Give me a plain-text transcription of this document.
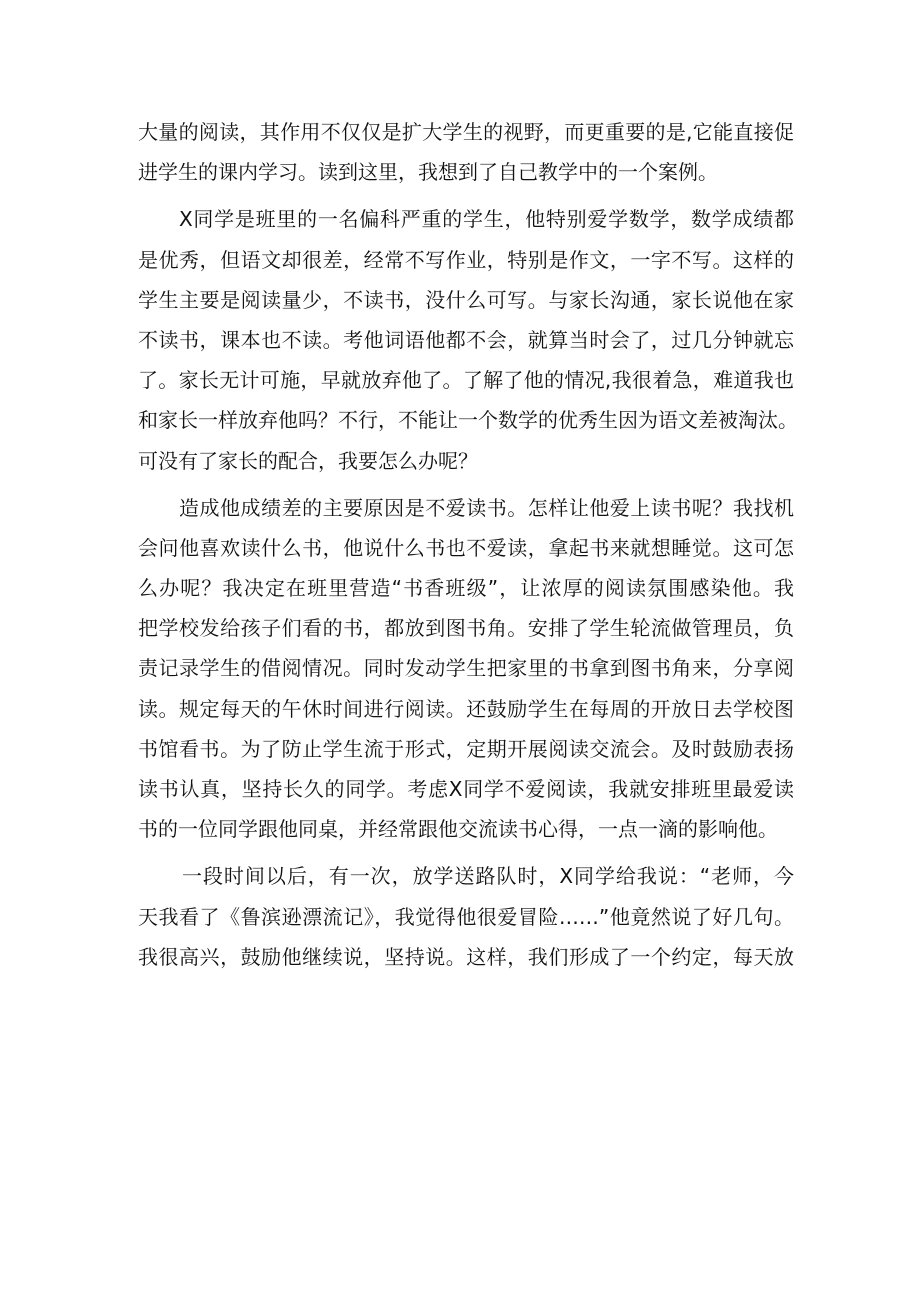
大量的阅读，其作用不仅仅是扩大学生的视野，而更重要的是,它能直接促
进学生的课内学习。读到这里，我想到了自己教学中的一个案例。
X同学是班里的一名偏科严重的学生，他特别爱学数学，数学成绩都
是优秀，但语文却很差，经常不写作业，特别是作文，一字不写。这样的
学生主要是阅读量少，不读书，没什么可写。与家长沟通，家长说他在家
不读书，课本也不读。考他词语他都不会，就算当时会了，过几分钟就忘
了。家长无计可施，早就放弃他了。了解了他的情况,我很着急，难道我也
和家长一样放弃他吗？不行，不能让一个数学的优秀生因为语文差被淘汰。
可没有了家长的配合，我要怎么办呢？
造成他成绩差的主要原因是不爱读书。怎样让他爱上读书呢？我找机
会问他喜欢读什么书，他说什么书也不爱读，拿起书来就想睡觉。这可怎
么办呢？我决定在班里营造“书香班级”，让浓厚的阅读氛围感染他。我
把学校发给孩子们看的书，都放到图书角。安排了学生轮流做管理员，负
责记录学生的借阅情况。同时发动学生把家里的书拿到图书角来，分享阅
读。规定每天的午休时间进行阅读。还鼓励学生在每周的开放日去学校图
书馆看书。为了防止学生流于形式，定期开展阅读交流会。及时鼓励表扬
读书认真，坚持长久的同学。考虑X同学不爱阅读，我就安排班里最爱读
书的一位同学跟他同桌，并经常跟他交流读书心得，一点一滴的影响他。
一段时间以后，有一次，放学送路队时，X同学给我说：“老师，今
天我看了《鲁滨逊漂流记》，我觉得他很爱冒险……”他竟然说了好几句。
我很高兴，鼓励他继续说，坚持说。这样，我们形成了一个约定，每天放
